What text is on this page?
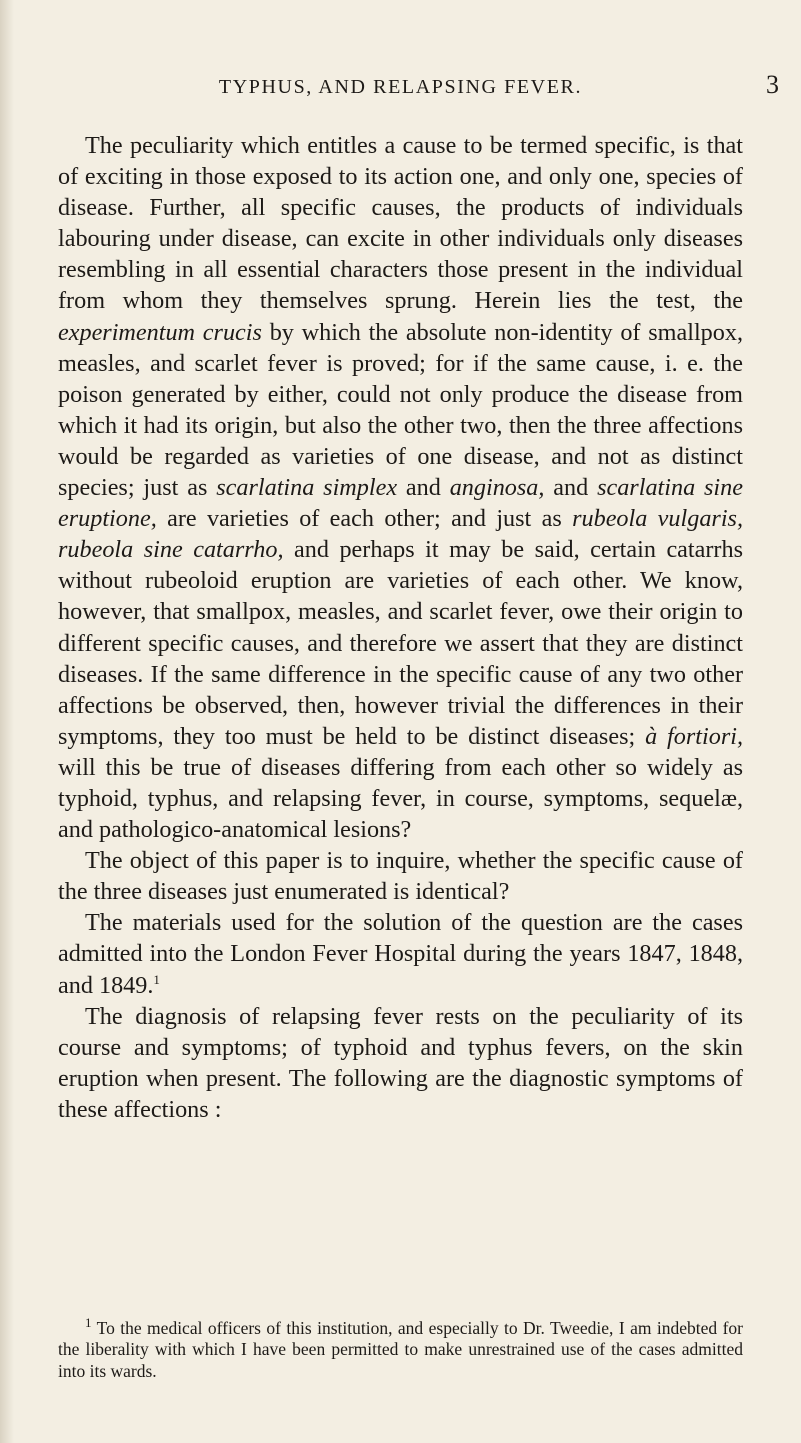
TYPHUS, AND RELAPSING FEVER.	3

The peculiarity which entitles a cause to be termed specific, is that of exciting in those exposed to its action one, and only one, species of disease. Further, all specific causes, the products of individuals labouring under disease, can excite in other individuals only diseases resembling in all essential characters those present in the individual from whom they themselves sprung. Herein lies the test, the experimentum crucis by which the absolute non-identity of smallpox, measles, and scarlet fever is proved; for if the same cause, i. e. the poison generated by either, could not only produce the disease from which it had its origin, but also the other two, then the three affections would be regarded as varieties of one disease, and not as distinct species; just as scarlatina simplex and anginosa, and scarlatina sine eruptione, are varieties of each other; and just as rubeola vulgaris, rubeola sine catarrho, and perhaps it may be said, certain catarrhs without rubeoloid eruption are varieties of each other. We know, however, that smallpox, measles, and scarlet fever, owe their origin to different specific causes, and therefore we assert that they are distinct diseases. If the same difference in the specific cause of any two other affections be observed, then, however trivial the differences in their symptoms, they too must be held to be distinct diseases; à fortiori, will this be true of diseases differing from each other so widely as typhoid, typhus, and relapsing fever, in course, symptoms, sequelæ, and pathologico-anatomical lesions?

The object of this paper is to inquire, whether the specific cause of the three diseases just enumerated is identical?

The materials used for the solution of the question are the cases admitted into the London Fever Hospital during the years 1847, 1848, and 1849.$^1$

The diagnosis of relapsing fever rests on the peculiarity of its course and symptoms; of typhoid and typhus fevers, on the skin eruption when present. The following are the diagnostic symptoms of these affections :

$^1$ To the medical officers of this institution, and especially to Dr. Tweedie, I am indebted for the liberality with which I have been permitted to make unrestrained use of the cases admitted into its wards.
